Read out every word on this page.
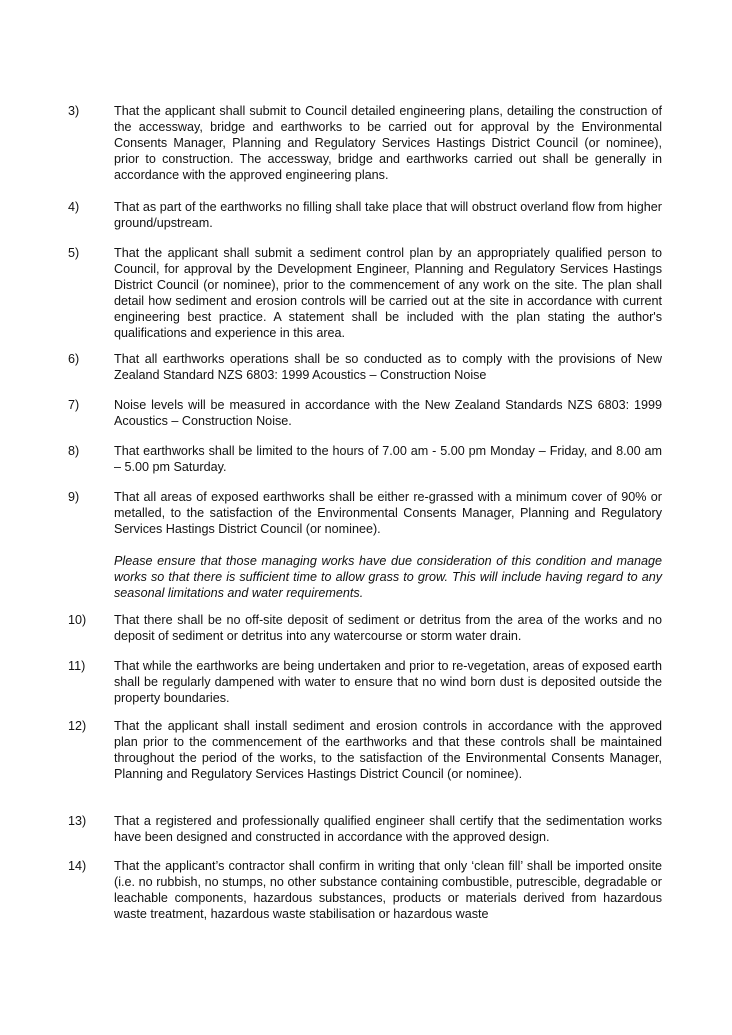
3)	That the applicant shall submit to Council detailed engineering plans, detailing the construction of the accessway, bridge and earthworks to be carried out for approval by the Environmental Consents Manager, Planning and Regulatory Services Hastings District Council (or nominee), prior to construction. The accessway, bridge and earthworks carried out shall be generally in accordance with the approved engineering plans.

4)	That as part of the earthworks no filling shall take place that will obstruct overland flow from higher ground/upstream.

5)	That the applicant shall submit a sediment control plan by an appropriately qualified person to Council, for approval by the Development Engineer, Planning and Regulatory Services Hastings District Council (or nominee), prior to the commencement of any work on the site. The plan shall detail how sediment and erosion controls will be carried out at the site in accordance with current engineering best practice. A statement shall be included with the plan stating the author's qualifications and experience in this area.

6)	That all earthworks operations shall be so conducted as to comply with the provisions of New Zealand Standard NZS 6803: 1999 Acoustics – Construction Noise

7)	Noise levels will be measured in accordance with the New Zealand Standards NZS 6803: 1999 Acoustics – Construction Noise.

8)	That earthworks shall be limited to the hours of 7.00 am - 5.00 pm Monday – Friday, and 8.00 am – 5.00 pm Saturday.

9)	That all areas of exposed earthworks shall be either re-grassed with a minimum cover of 90% or metalled, to the satisfaction of the Environmental Consents Manager, Planning and Regulatory Services Hastings District Council (or nominee).

Please ensure that those managing works have due consideration of this condition and manage works so that there is sufficient time to allow grass to grow. This will include having regard to any seasonal limitations and water requirements.

10)	That there shall be no off-site deposit of sediment or detritus from the area of the works and no deposit of sediment or detritus into any watercourse or storm water drain.

11)	That while the earthworks are being undertaken and prior to re-vegetation, areas of exposed earth shall be regularly dampened with water to ensure that no wind born dust is deposited outside the property boundaries.

12)	That the applicant shall install sediment and erosion controls in accordance with the approved plan prior to the commencement of the earthworks and that these controls shall be maintained throughout the period of the works, to the satisfaction of the Environmental Consents Manager, Planning and Regulatory Services Hastings District Council (or nominee).

13)	That a registered and professionally qualified engineer shall certify that the sedimentation works have been designed and constructed in accordance with the approved design.

14)	That the applicant’s contractor shall confirm in writing that only ‘clean fill’ shall be imported onsite (i.e. no rubbish, no stumps, no other substance containing combustible, putrescible, degradable or leachable components, hazardous substances, products or materials derived from hazardous waste treatment, hazardous waste stabilisation or hazardous waste
